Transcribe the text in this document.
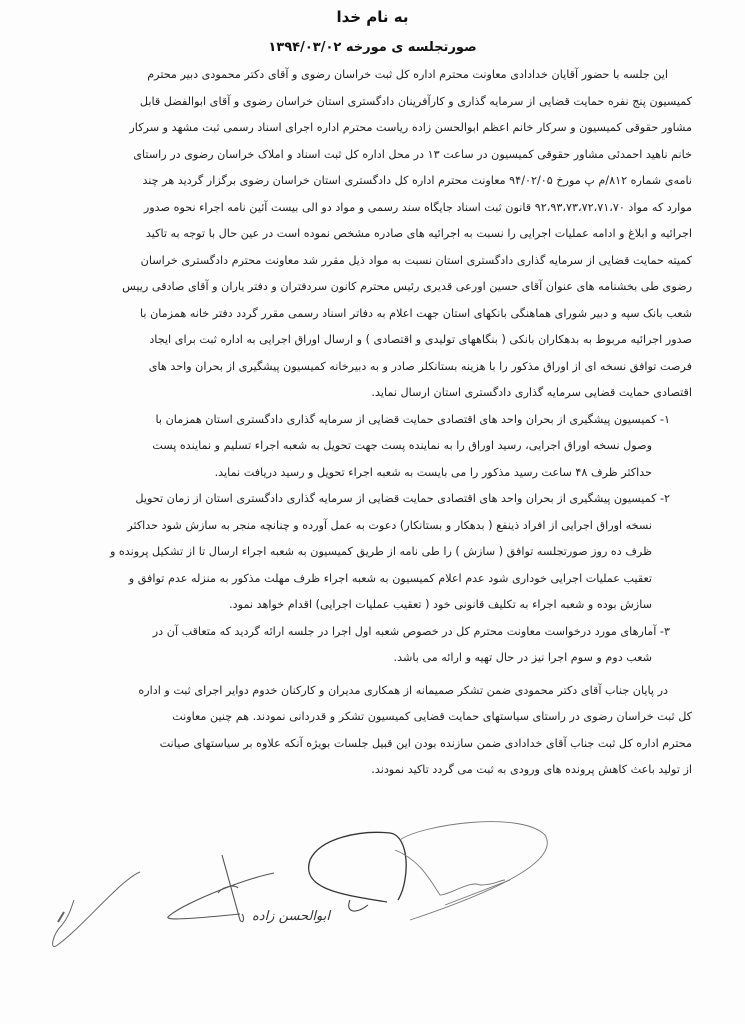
به نام خدا
صورتجلسه ی مورخه ۱۳۹۴/۰۳/۰۲
این جلسه با حضور آقایان خدادادی معاونت محترم اداره کل ثبت خراسان رضوی و آقای دکتر محمودی دبیر محترم
کمیسیون پنج نفره حمایت قضایی از سرمایه گذاری و کارآفرینان دادگستری استان خراسان رضوی و آقای ابوالفضل قابل
مشاور حقوقی کمیسیون و سرکار خانم اعظم ابوالحسن زاده ریاست محترم اداره اجرای اسناد رسمی ثبت مشهد و سرکار
خانم ناهید احمدئی مشاور حقوقی کمیسیون در ساعت ۱۳ در محل اداره کل ثبت اسناد و املاک خراسان رضوی در راستای
نامه‌ی شماره ۸۱۲/م پ مورخ ۹۴/۰۲/۰۵ معاونت محترم اداره کل دادگستری استان خراسان رضوی برگزار گردید هر چند
موارد که مواد ۹۲،۹۳،۷۳،۷۲،۷۱،۷۰ قانون ثبت اسناد جایگاه سند رسمی و مواد دو الی بیست آئین نامه اجراء نحوه صدور
اجرائیه و ابلاغ و ادامه عملیات اجرایی را نسبت به اجرائیه های صادره مشخص نموده است در عین حال با توجه به تاکید
کمیته حمایت قضایی از سرمایه گذاری دادگستری استان نسبت به مواد ذیل مقرر شد معاونت محترم دادگستری خراسان
رضوی طی بخشنامه های عنوان آقای حسین اورعی قدیری رئیس محترم کانون سردفتران و دفتر یاران و آقای صادقی رییس
شعب بانک سپه و دبیر شورای هماهنگی بانکهای استان جهت اعلام به دفاتر اسناد رسمی مقرر گردد دفتر خانه همزمان با
صدور اجرائیه مربوط به بدهکاران بانکی ( بنگاههای تولیدی و اقتصادی ) و ارسال اوراق اجرایی به اداره ثبت برای ایجاد
فرصت توافق نسخه ای از اوراق مذکور را با هزینه بستانکلر صادر و به دبیرخانه کمیسیون پیشگیری از بحران واحد های
اقتصادی حمایت قضایی سرمایه گذاری دادگستری استان ارسال نماید.
۱- کمیسیون پیشگیری از بحران واحد های اقتصادی حمایت قضایی از سرمایه گذاری دادگستری استان همزمان با
وصول نسخه اوراق اجرایی، رسید اوراق را به نماینده پست جهت تحویل به شعبه اجراء تسلیم و نماینده پست
حداکثر ظرف ۴۸ ساعت رسید مذکور را می بایست به شعبه اجراء تحویل و رسید دریافت نماید.
۲- کمیسیون پیشگیری از بحران واحد های اقتصادی حمایت قضایی از سرمایه گذاری دادگستری استان از زمان تحویل
نسخه اوراق اجرایی از افراد ذینفع ( بدهکار و بستانکار) دعوت به عمل آورده و چنانچه منجر به سازش شود حداکثر
ظرف ده روز صورتجلسه توافق ( سازش ) را طی نامه از طریق کمیسیون به شعبه اجراء ارسال تا از تشکیل پرونده و
تعقیب عملیات اجرایی خوداری شود عدم اعلام کمیسیون به شعبه اجراء ظرف مهلت مذکور به منزله عدم توافق و
سازش بوده و شعبه اجراء به تکلیف قانونی خود ( تعقیب عملیات اجرایی) اقدام خواهد نمود.
۳- آمارهای مورد درخواست معاونت محترم کل در خصوص شعبه اول اجرا در جلسه ارائه گردید که متعاقب آن در
شعب دوم و سوم اجرا نیز در حال تهیه و ارائه می باشد.
در پایان جناب آقای دکتر محمودی ضمن تشکر صمیمانه از همکاری مدیران و کارکنان خدوم دوایر اجرای ثبت و اداره
کل ثبت خراسان رضوی در راستای سیاستهای حمایت قضایی کمیسیون تشکر و قدردانی نمودند. هم چنین معاونت
محترم اداره کل ثبت جناب آقای خدادادی ضمن سازنده بودن این قبیل جلسات بویژه آنکه علاوه بر سیاستهای صیانت
از تولید باعث کاهش پرونده های ورودی به ثبت می گردد تاکید نمودند.
ابوالحسن زاده
